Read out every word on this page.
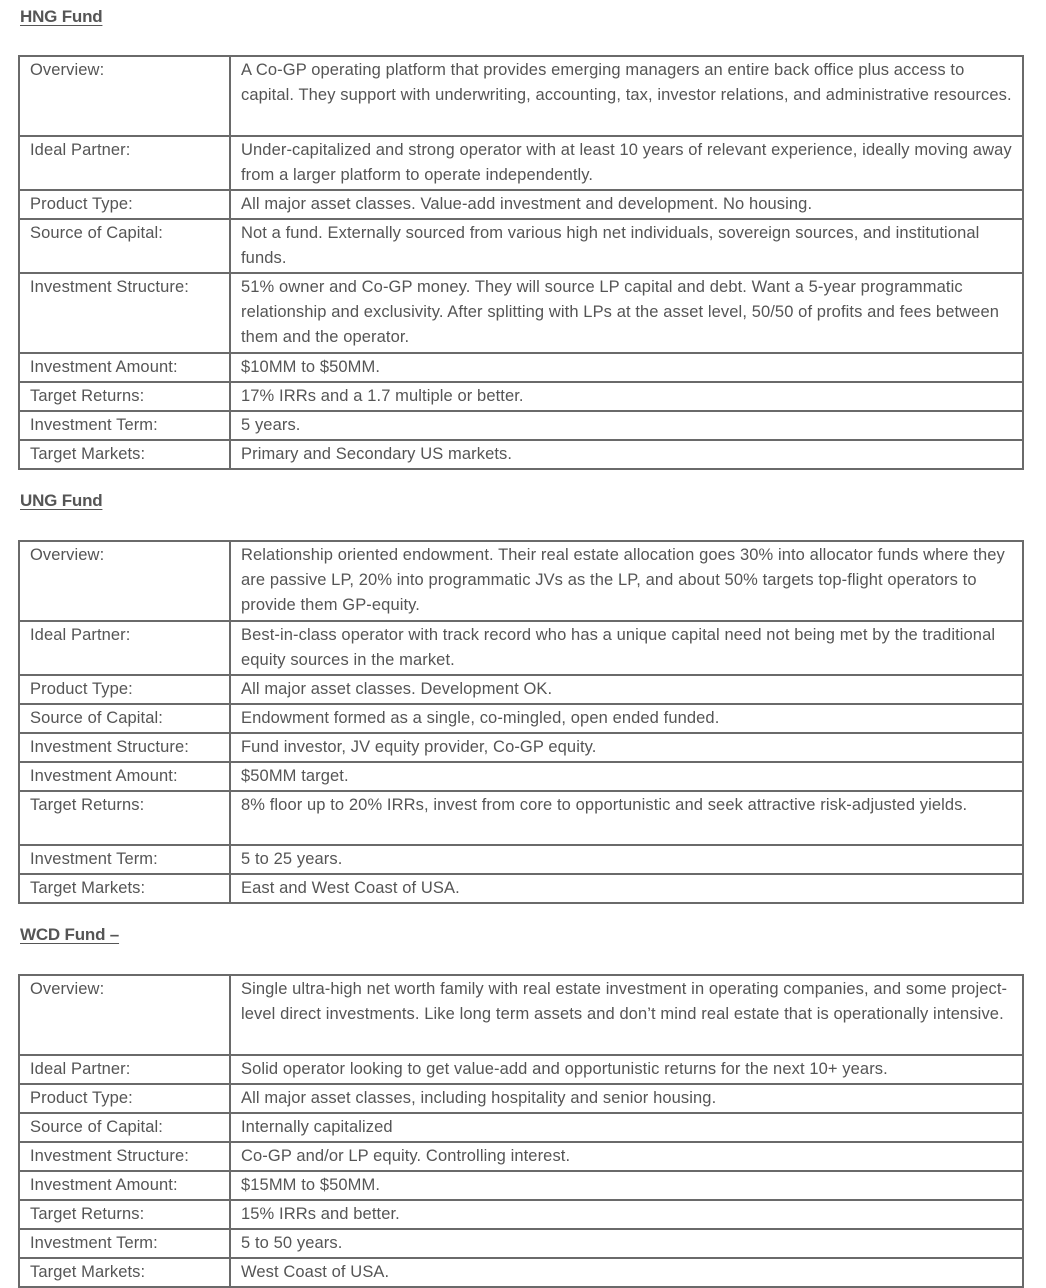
HNG Fund
Overview:	A Co-GP operating platform that provides emerging managers an entire back office plus access to capital. They support with underwriting, accounting, tax, investor relations, and administrative resources.
Ideal Partner:	Under-capitalized and strong operator with at least 10 years of relevant experience, ideally moving away from a larger platform to operate independently.
Product Type:	All major asset classes. Value-add investment and development. No housing.
Source of Capital:	Not a fund. Externally sourced from various high net individuals, sovereign sources, and institutional funds.
Investment Structure:	51% owner and Co-GP money. They will source LP capital and debt. Want a 5-year programmatic relationship and exclusivity. After splitting with LPs at the asset level, 50/50 of profits and fees between them and the operator.
Investment Amount:	$10MM to $50MM.
Target Returns:	17% IRRs and a 1.7 multiple or better.
Investment Term:	5 years.
Target Markets:	Primary and Secondary US markets.
UNG Fund
Overview:	Relationship oriented endowment. Their real estate allocation goes 30% into allocator funds where they are passive LP, 20% into programmatic JVs as the LP, and about 50% targets top-flight operators to provide them GP-equity.
Ideal Partner:	Best-in-class operator with track record who has a unique capital need not being met by the traditional equity sources in the market.
Product Type:	All major asset classes. Development OK.
Source of Capital:	Endowment formed as a single, co-mingled, open ended funded.
Investment Structure:	Fund investor, JV equity provider, Co-GP equity.
Investment Amount:	$50MM target.
Target Returns:	8% floor up to 20% IRRs, invest from core to opportunistic and seek attractive risk-adjusted yields.
Investment Term:	5 to 25 years.
Target Markets:	East and West Coast of USA.
WCD Fund –
Overview:	Single ultra-high net worth family with real estate investment in operating companies, and some project-level direct investments. Like long term assets and don’t mind real estate that is operationally intensive.
Ideal Partner:	Solid operator looking to get value-add and opportunistic returns for the next 10+ years.
Product Type:	All major asset classes, including hospitality and senior housing.
Source of Capital:	Internally capitalized
Investment Structure:	Co-GP and/or LP equity. Controlling interest.
Investment Amount:	$15MM to $50MM.
Target Returns:	15% IRRs and better.
Investment Term:	5 to 50 years.
Target Markets:	West Coast of USA.
